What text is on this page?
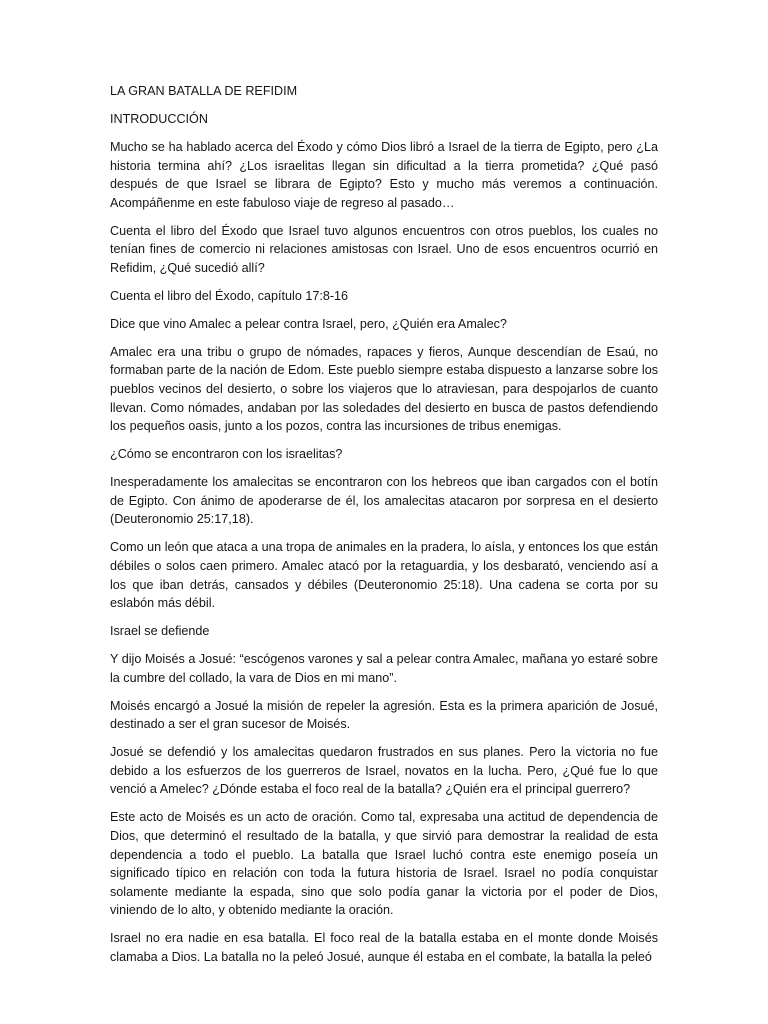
LA GRAN BATALLA DE REFIDIM

INTRODUCCIÓN

Mucho se ha hablado acerca del Éxodo y cómo Dios libró a Israel de la tierra de Egipto, pero ¿La historia termina ahí? ¿Los israelitas llegan sin dificultad a la tierra prometida? ¿Qué pasó después de que Israel se librara de Egipto? Esto y mucho más veremos a continuación. Acompáñenme en este fabuloso viaje de regreso al pasado…

Cuenta el libro del Éxodo que Israel tuvo algunos encuentros con otros pueblos, los cuales no tenían fines de comercio ni relaciones amistosas con Israel. Uno de esos encuentros ocurrió en Refidim, ¿Qué sucedió allí?

Cuenta el libro del Éxodo, capítulo 17:8-16

Dice que vino Amalec a pelear contra Israel, pero, ¿Quién era Amalec?

Amalec era una tribu o grupo de nómades, rapaces y fieros, Aunque descendían de Esaú, no formaban parte de la nación de Edom. Este pueblo siempre estaba dispuesto a lanzarse sobre los pueblos vecinos del desierto, o sobre los viajeros que lo atraviesan, para despojarlos de cuanto llevan. Como nómades, andaban por las soledades del desierto en busca de pastos defendiendo los pequeños oasis, junto a los pozos, contra las incursiones de tribus enemigas.

¿Cómo se encontraron con los israelitas?

Inesperadamente los amalecitas se encontraron con los hebreos que iban cargados con el botín de Egipto. Con ánimo de apoderarse de él, los amalecitas atacaron por sorpresa en el desierto (Deuteronomio 25:17,18).

Como un león que ataca a una tropa de animales en la pradera, lo aísla, y entonces los que están débiles o solos caen primero. Amalec atacó por la retaguardia, y los desbarató, venciendo así a los que iban detrás, cansados y débiles (Deuteronomio 25:18). Una cadena se corta por su eslabón más débil.

Israel se defiende

Y dijo Moisés a Josué: “escógenos varones y sal a pelear contra Amalec, mañana yo estaré sobre la cumbre del collado, la vara de Dios en mi mano”.

Moisés encargó a Josué la misión de repeler la agresión. Esta es la primera aparición de Josué, destinado a ser el gran sucesor de Moisés.

Josué se defendió y los amalecitas quedaron frustrados en sus planes. Pero la victoria no fue debido a los esfuerzos de los guerreros de Israel, novatos en la lucha. Pero, ¿Qué fue lo que venció a Amelec? ¿Dónde estaba el foco real de la batalla? ¿Quién era el principal guerrero?

Este acto de Moisés es un acto de oración. Como tal, expresaba una actitud de dependencia de Dios, que determinó el resultado de la batalla, y que sirvió para demostrar la realidad de esta dependencia a todo el pueblo. La batalla que Israel luchó contra este enemigo poseía un significado típico en relación con toda la futura historia de Israel. Israel no podía conquistar solamente mediante la espada, sino que solo podía ganar la victoria por el poder de Dios, viniendo de lo alto, y obtenido mediante la oración.

Israel no era nadie en esa batalla. El foco real de la batalla estaba en el monte donde Moisés clamaba a Dios. La batalla no la peleó Josué, aunque él estaba en el combate, la batalla la peleó
